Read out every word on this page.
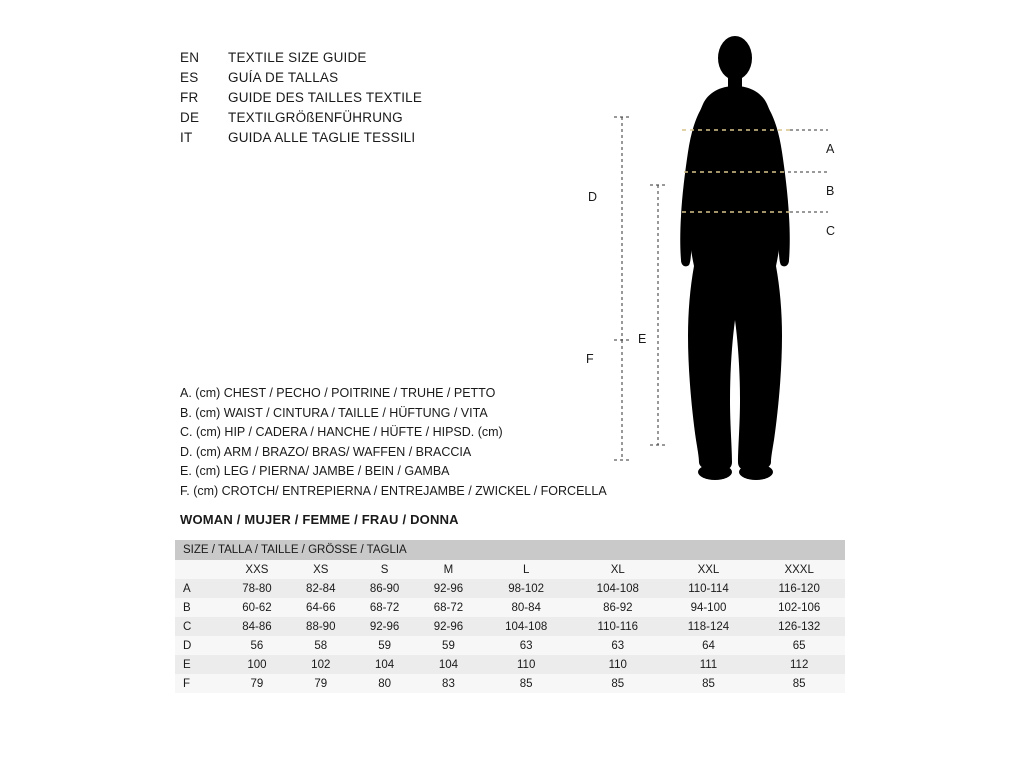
EN	TEXTILE SIZE GUIDE
ES	GUÍA DE TALLAS
FR	GUIDE DES TAILLES TEXTILE
DE	TEXTILGRÖßENFÜHRUNG
IT	GUIDA ALLE TAGLIE TESSILI
A. (cm) CHEST / PECHO / POITRINE / TRUHE / PETTO
B. (cm) WAIST / CINTURA / TAILLE / HÜFTUNG / VITA
C. (cm) HIP / CADERA / HANCHE / HÜFTE / HIPSD. (cm)
D. (cm) ARM / BRAZO/ BRAS/ WAFFEN / BRACCIA
E. (cm) LEG / PIERNA/ JAMBE / BEIN / GAMBA
F. (cm) CROTCH/ ENTREPIERNA / ENTREJAMBE / ZWICKEL / FORCELLA
WOMAN / MUJER / FEMME / FRAU / DONNA
SIZE / TALLA / TAILLE / GRÖSSE / TAGLIA								
	XXS	XS	S	M	L	XL	XXL	XXXL
A	78-80	82-84	86-90	92-96	98-102	104-108	110-114	116-120
B	60-62	64-66	68-72	68-72	80-84	86-92	94-100	102-106
C	84-86	88-90	92-96	92-96	104-108	110-116	118-124	126-132
D	56	58	59	59	63	63	64	65
E	100	102	104	104	110	110	111	112
F	79	79	80	83	85	85	85	85
A
B
C
D
E
F
